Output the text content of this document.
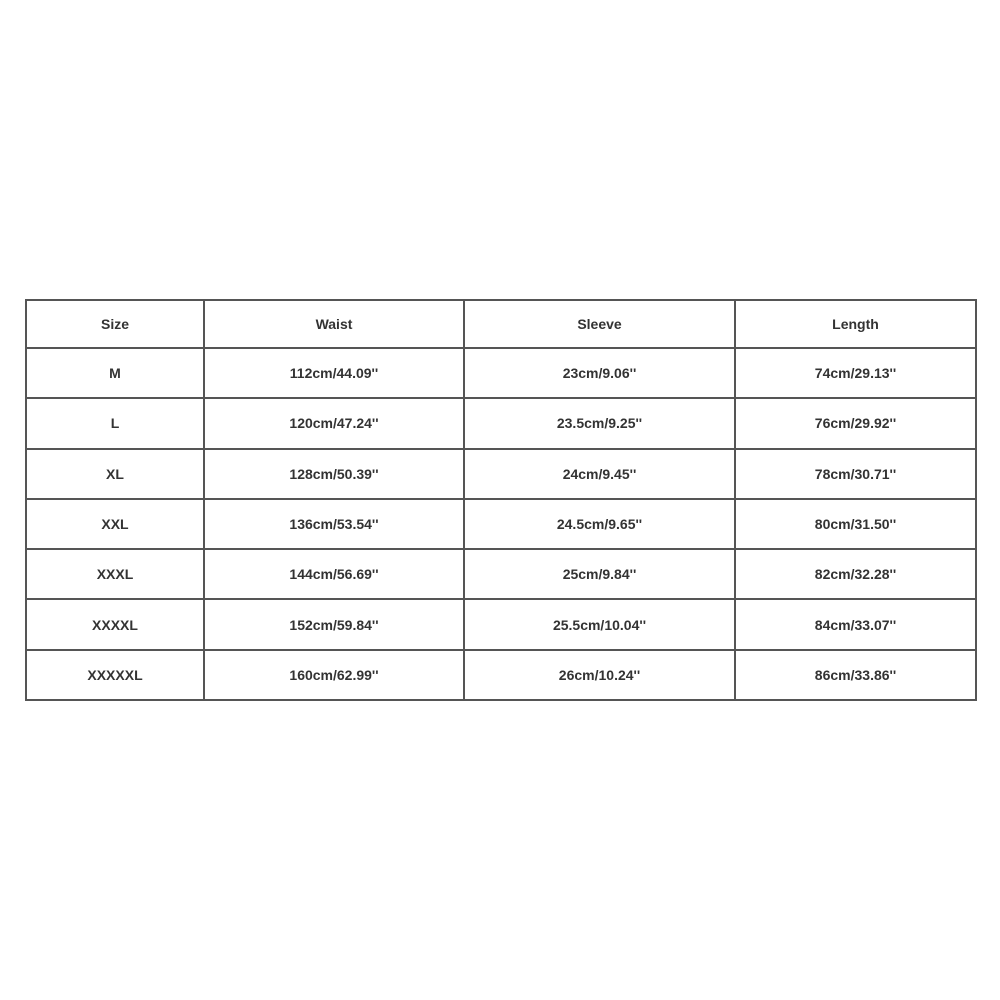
Size	Waist	Sleeve	Length
M	112cm/44.09''	23cm/9.06''	74cm/29.13''
L	120cm/47.24''	23.5cm/9.25''	76cm/29.92''
XL	128cm/50.39''	24cm/9.45''	78cm/30.71''
XXL	136cm/53.54''	24.5cm/9.65''	80cm/31.50''
XXXL	144cm/56.69''	25cm/9.84''	82cm/32.28''
XXXXL	152cm/59.84''	25.5cm/10.04''	84cm/33.07''
XXXXXL	160cm/62.99''	26cm/10.24''	86cm/33.86''
